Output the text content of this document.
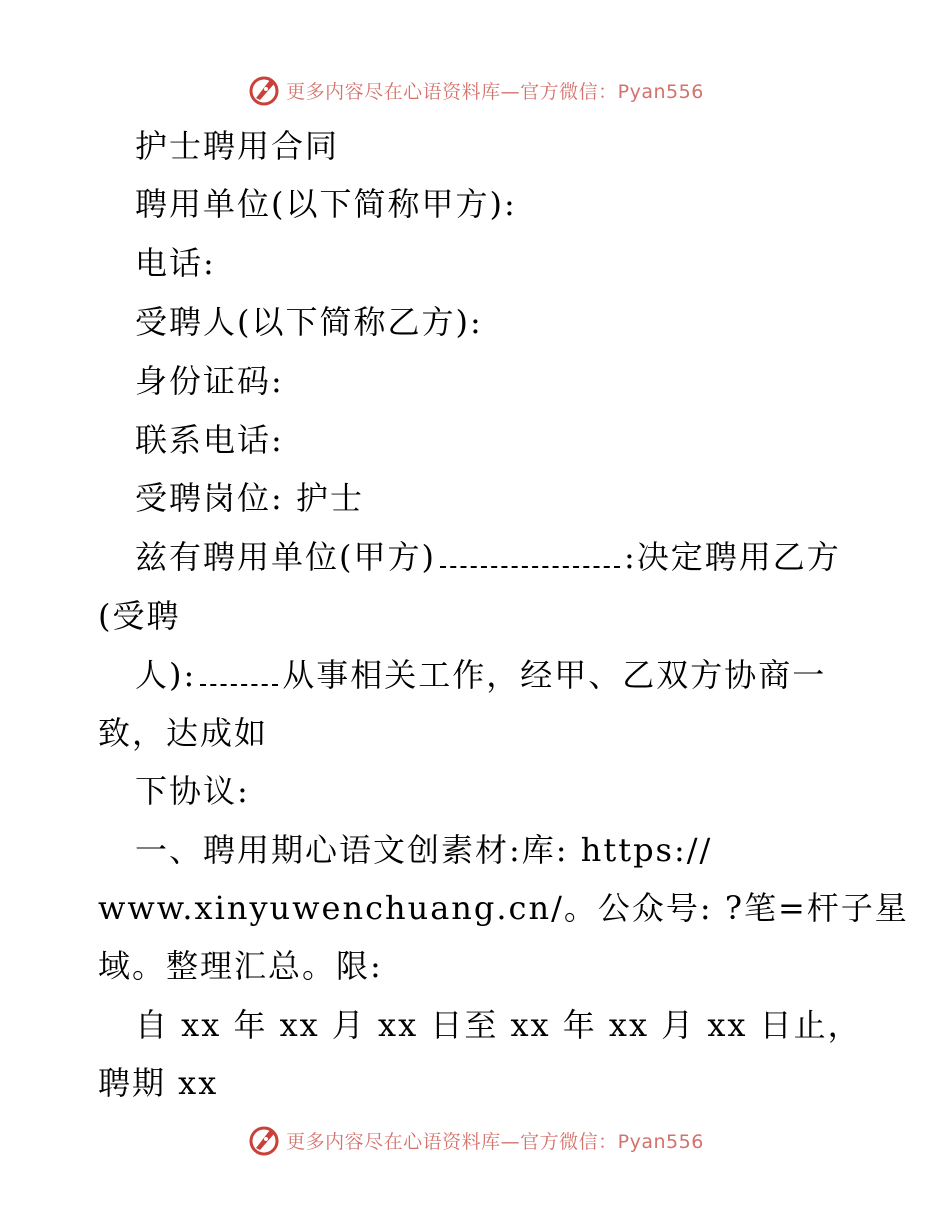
更多内容尽在心语资料库—官方微信：Pyan556
护士聘用合同
聘用单位(以下简称甲方):
电话:
受聘人(以下简称乙方):
身份证码:
联系电话:
受聘岗位: 护士
兹有聘用单位(甲方)	:决定聘用乙方
(受聘
人):	从事相关工作，经甲、乙双方协商一
致，达成如
下协议:
一、聘用期心语文创素材:库: https://
www.xinyuwenchuang.cn/。公众号: ?笔=杆子星
域。整理汇总。限:
自 xx 年 xx 月 xx 日至 xx 年 xx 月 xx 日止，
聘期 xx
更多内容尽在心语资料库—官方微信：Pyan556
